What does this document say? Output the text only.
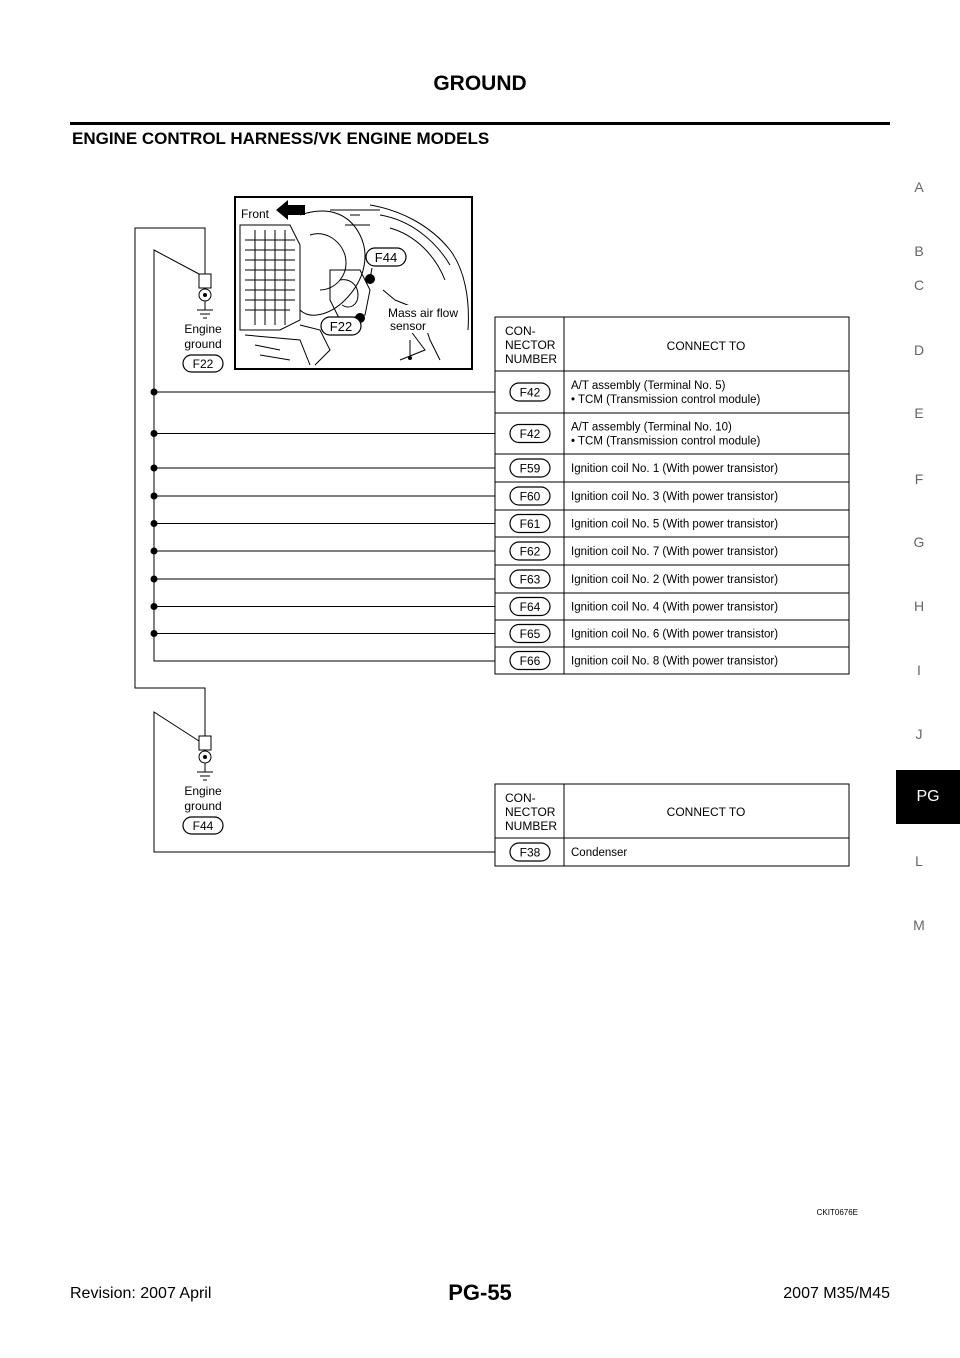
GROUND
ENGINE CONTROL HARNESS/VK ENGINE MODELS
A
B
C
D
E
F
G
H
I
J
PG
L
M
Front
F44
F22
Mass air flow
sensor
Engine
ground
F22
Engine
ground
F44
CON-
NECTOR
NUMBER
CONNECT TO
F42	A/T assembly (Terminal No. 5)
• TCM (Transmission control module)
F42	A/T assembly (Terminal No. 10)
• TCM (Transmission control module)
F59	Ignition coil No. 1 (With power transistor)
F60	Ignition coil No. 3 (With power transistor)
F61	Ignition coil No. 5 (With power transistor)
F62	Ignition coil No. 7 (With power transistor)
F63	Ignition coil No. 2 (With power transistor)
F64	Ignition coil No. 4 (With power transistor)
F65	Ignition coil No. 6 (With power transistor)
F66	Ignition coil No. 8 (With power transistor)
CON-
NECTOR
NUMBER
CONNECT TO
F38	Condenser
CKIT0676E
Revision: 2007 April	PG-55	2007 M35/M45
